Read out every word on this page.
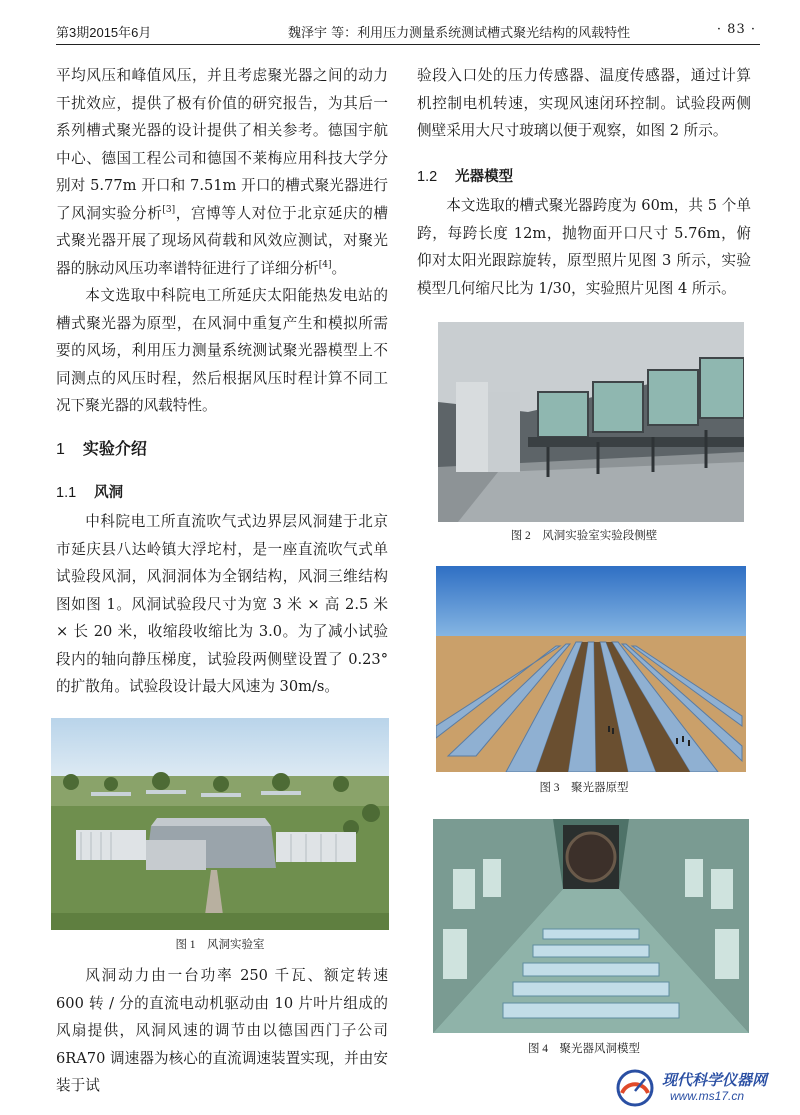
第3期2015年6月	魏泽宇 等：利用压力测量系统测试槽式聚光结构的风载特性	· 83 ·

平均风压和峰值风压，并且考虑聚光器之间的动力干扰效应，提供了极有价值的研究报告，为其后一系列槽式聚光器的设计提供了相关参考。德国宇航中心、德国工程公司和德国不莱梅应用科技大学分别对 5.77m 开口和 7.51m 开口的槽式聚光器进行了风洞实验分析[3]，宫博等人对位于北京延庆的槽式聚光器开展了现场风荷载和风效应测试，对聚光器的脉动风压功率谱特征进行了详细分析[4]。

本文选取中科院电工所延庆太阳能热发电站的槽式聚光器为原型，在风洞中重复产生和模拟所需要的风场，利用压力测量系统测试聚光器模型上不同测点的风压时程，然后根据风压时程计算不同工况下聚光器的风载特性。

1 实验介绍
1.1 风洞

中科院电工所直流吹气式边界层风洞建于北京市延庆县八达岭镇大浮坨村，是一座直流吹气式单试验段风洞，风洞洞体为全钢结构，风洞三维结构图如图 1。风洞试验段尺寸为宽 3 米 × 高 2.5 米 × 长 20 米，收缩段收缩比为 3.0。为了减小试验段内的轴向静压梯度，试验段两侧壁设置了 0.23° 的扩散角。试验段设计最大风速为 30m/s。

图 1　风洞实验室

风洞动力由一台功率 250 千瓦、额定转速 600 转 / 分的直流电动机驱动由 10 片叶片组成的风扇提供，风洞风速的调节由以德国西门子公司 6RA70 调速器为核心的直流调速装置实现，并由安装于试

验段入口处的压力传感器、温度传感器，通过计算机控制电机转速，实现风速闭环控制。试验段两侧侧壁采用大尺寸玻璃以便于观察，如图 2 所示。

1.2 光器模型

本文选取的槽式聚光器跨度为 60m，共 5 个单跨，每跨长度 12m，抛物面开口尺寸 5.76m，俯仰对太阳光跟踪旋转，原型照片见图 3 所示，实验模型几何缩尺比为 1/30，实验照片见图 4 所示。

图 2　风洞实验室实验段侧壁
图 3　聚光器原型
图 4　聚光器风洞模型
现代科学仪器网
www.ms17.cn
